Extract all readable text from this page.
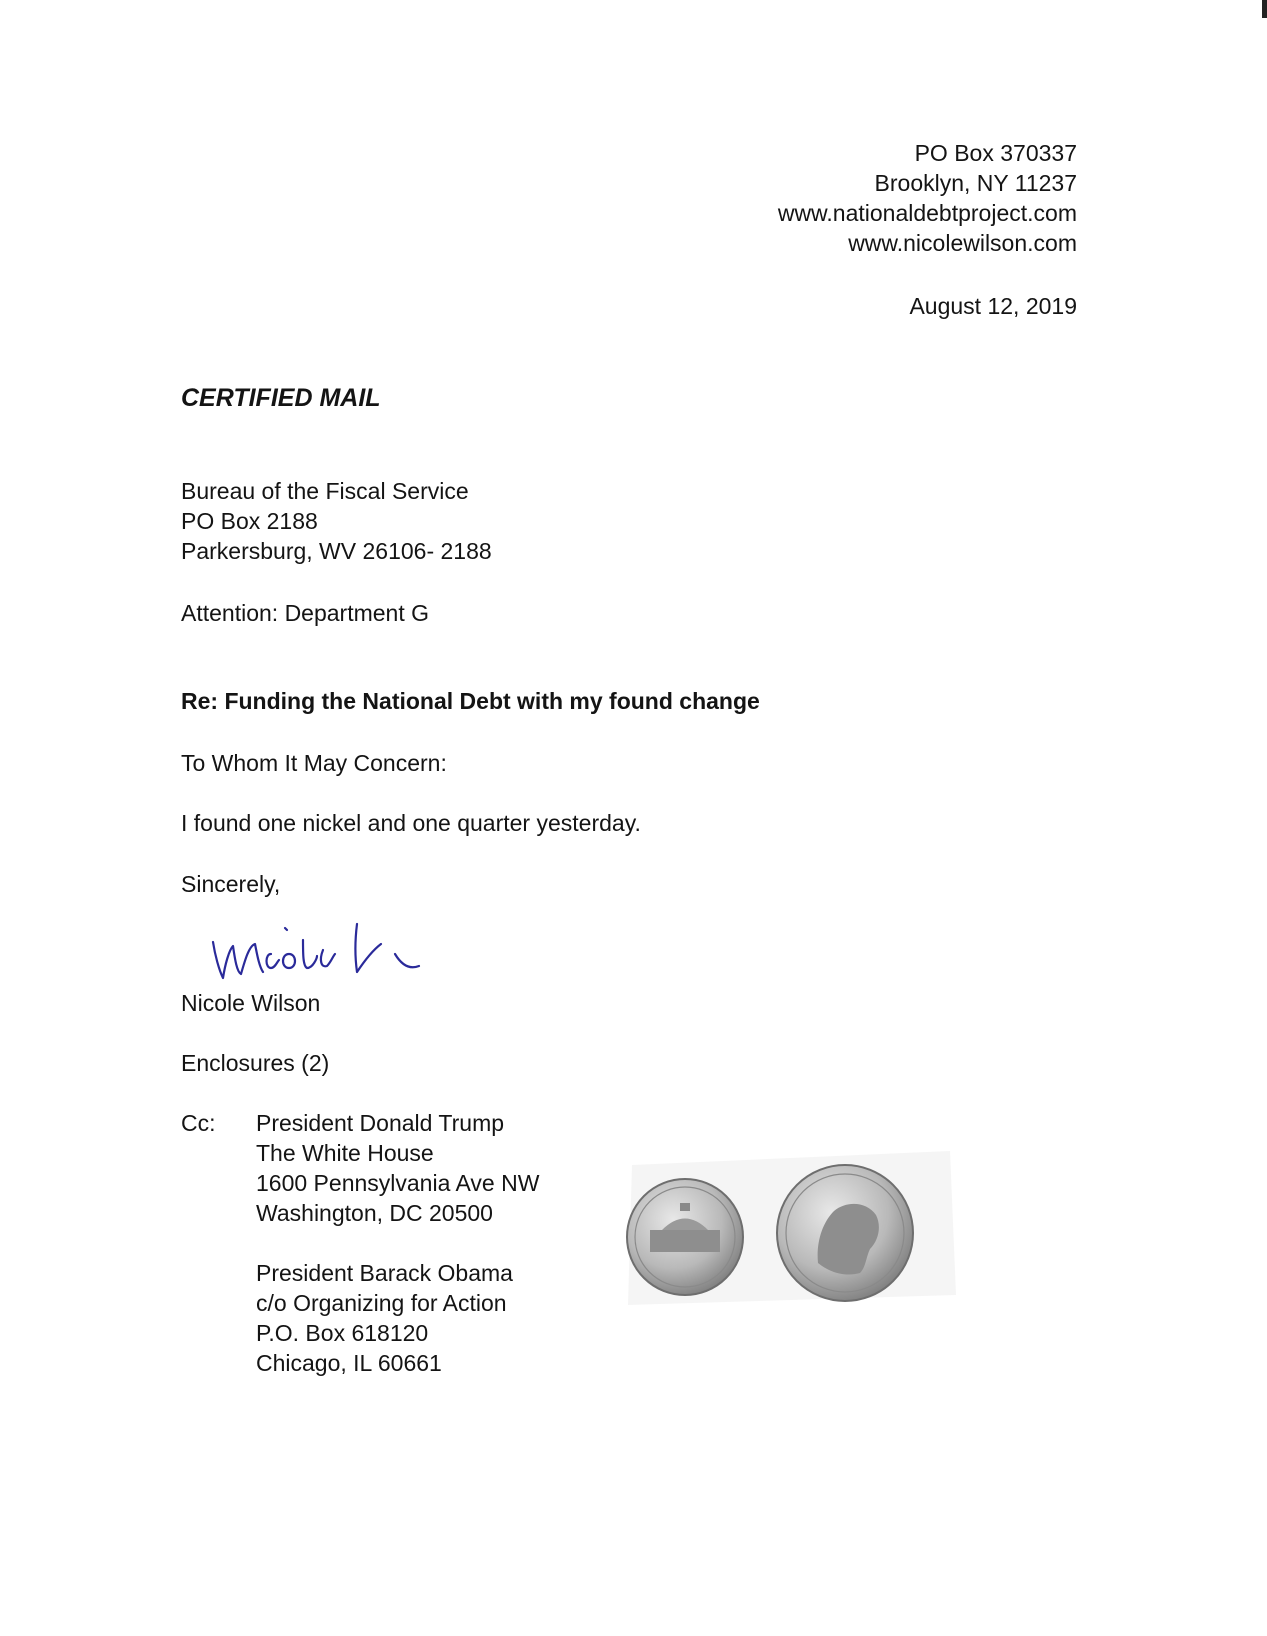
PO Box 370337
Brooklyn, NY 11237
www.nationaldebtproject.com
www.nicolewilson.com
August 12, 2019
CERTIFIED MAIL
Bureau of the Fiscal Service
PO Box 2188
Parkersburg, WV 26106- 2188
Attention: Department G
Re: Funding the National Debt with my found change
To Whom It May Concern:
I found one nickel and one quarter yesterday.
Sincerely,
Nicole Wilson
Enclosures (2)
Cc: President Donald Trump
The White House
1600 Pennsylvania Ave NW
Washington, DC 20500
President Barack Obama
c/o Organizing for Action
P.O. Box 618120
Chicago, IL 60661
